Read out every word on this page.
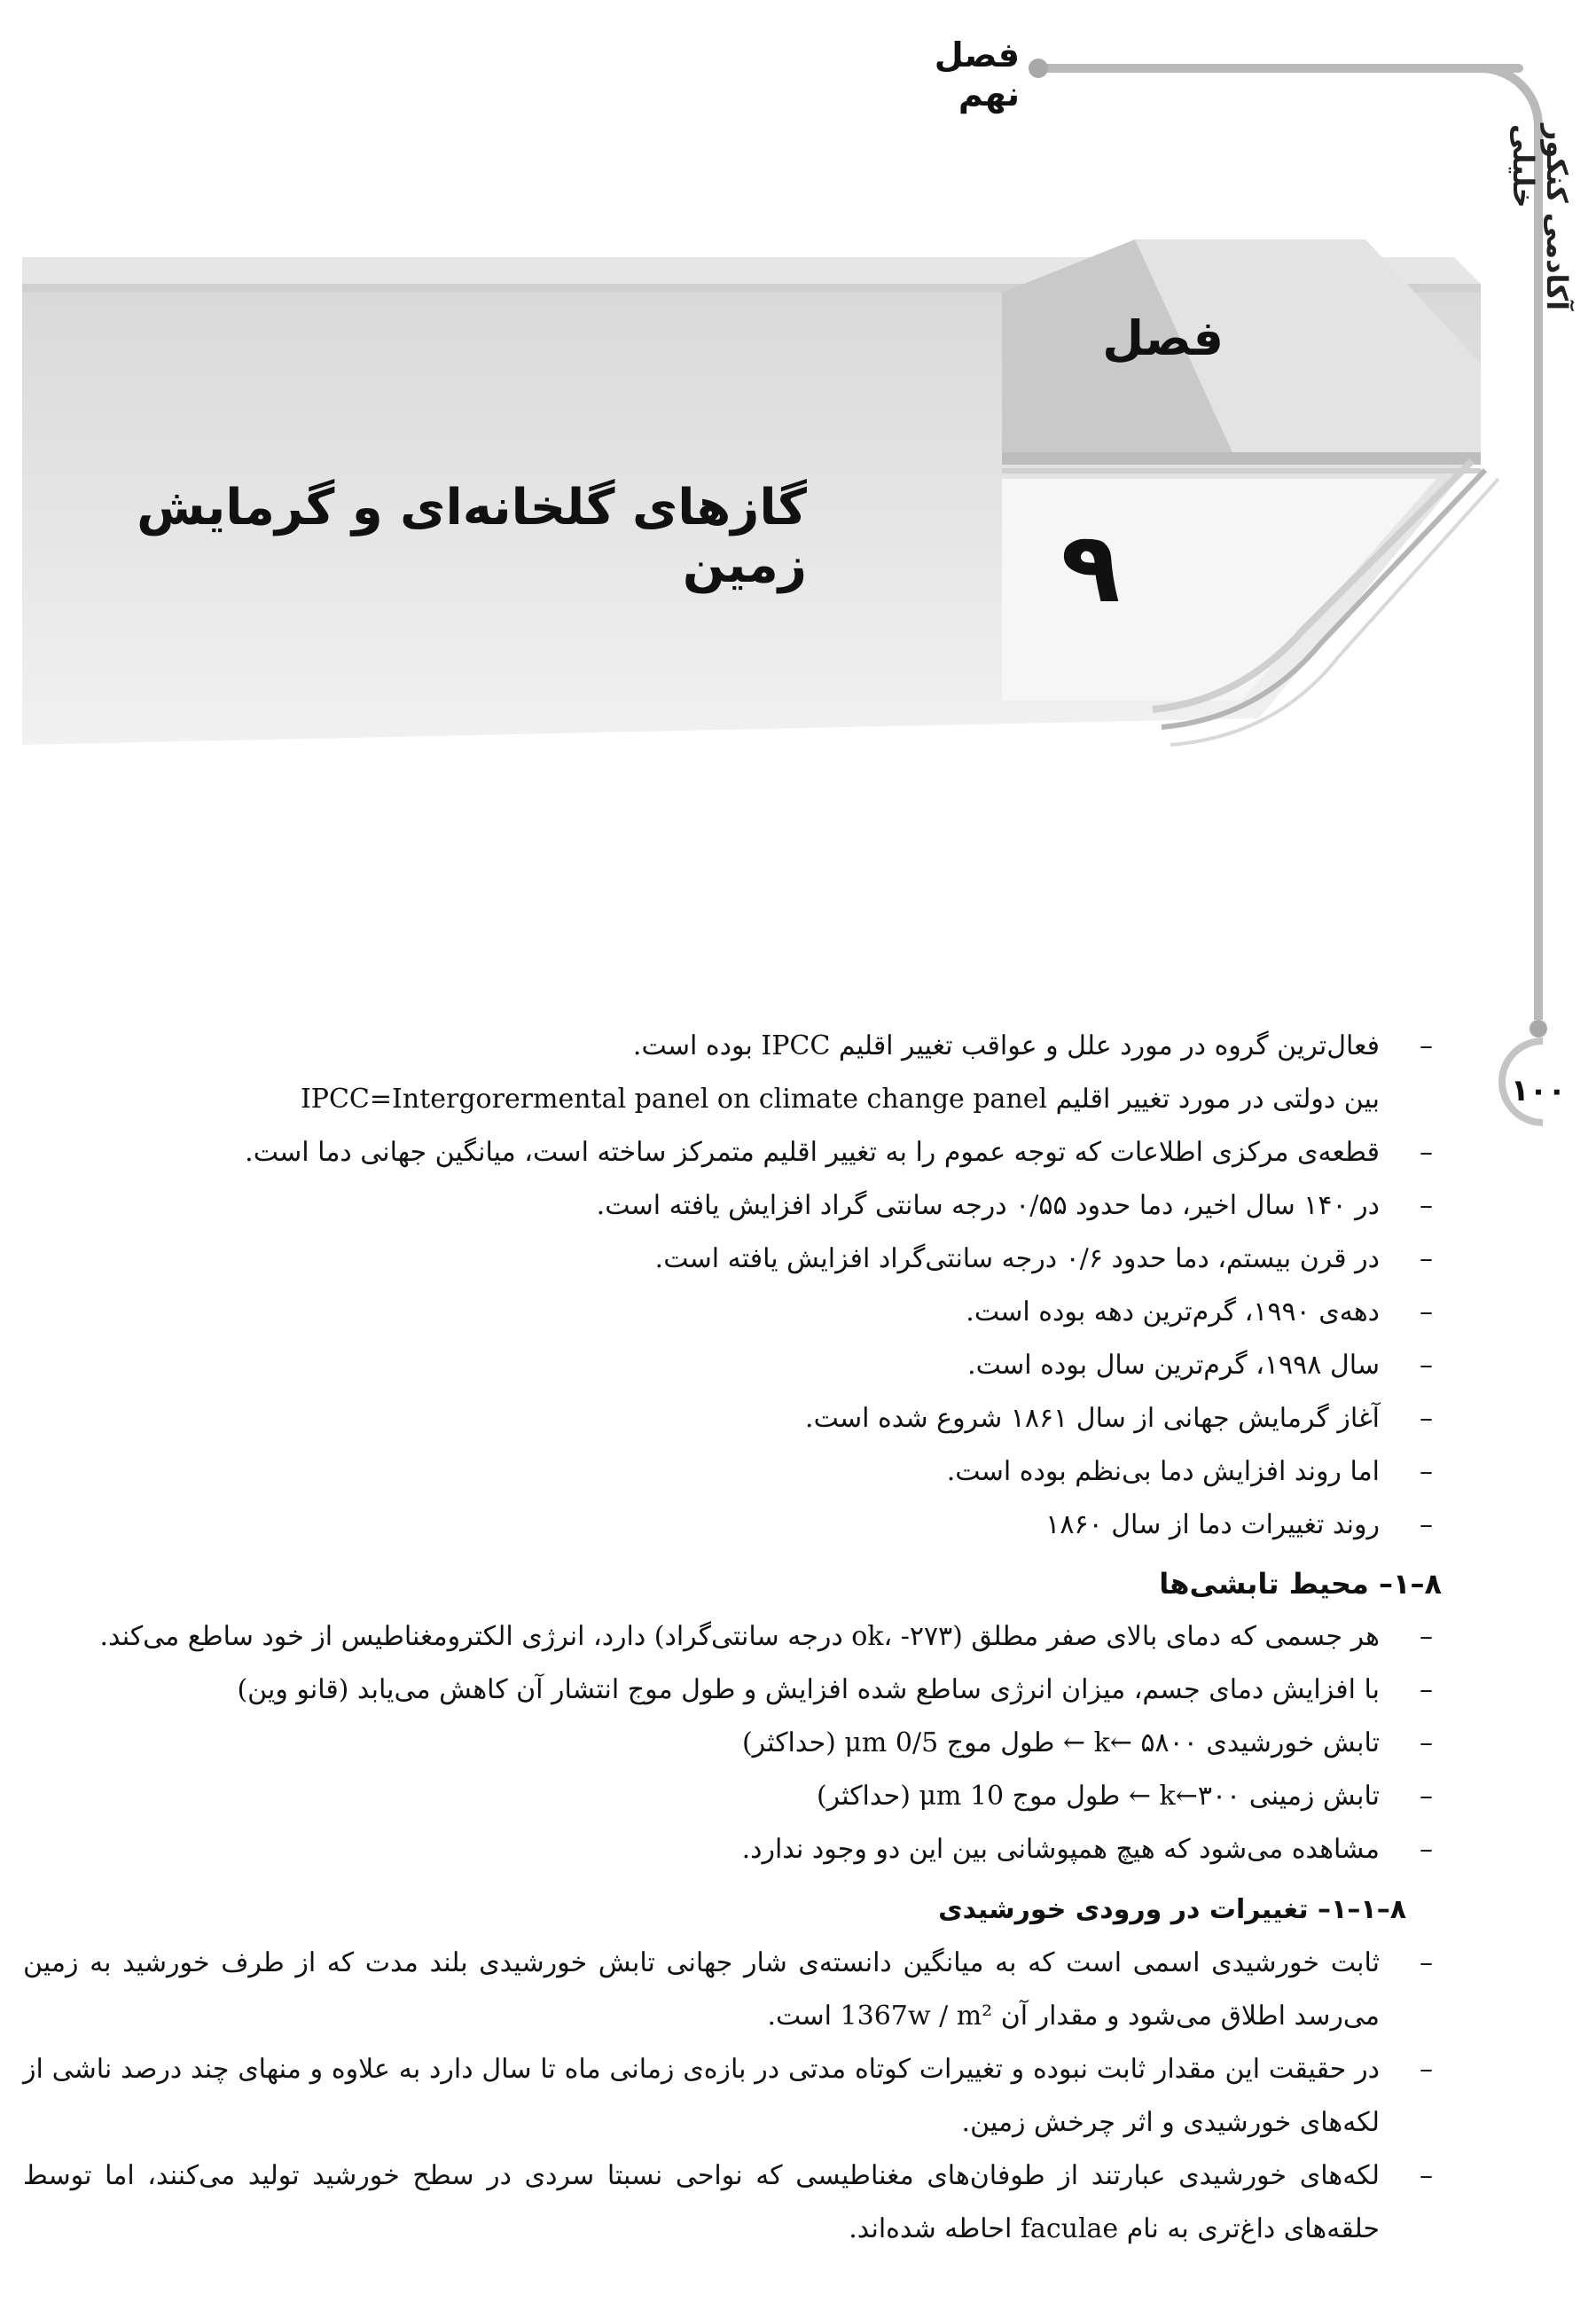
فصل نهم
آکادمی کنکور خلیلی
۱۰۰
فصل
۹
گازهای گلخانه‌ای و گرمایش زمین
–
فعال‌ترین گروه در مورد علل و عواقب تغییر اقلیم IPCC بوده است.
IPCC=Intergorermental panel on climate change panel بین دولتی در مورد تغییر اقلیم
–
قطعه‌ی مرکزی اطلاعات که توجه عموم را به تغییر اقلیم متمرکز ساخته است، میانگین جهانی دما است.
–
در ۱۴۰ سال اخیر، دما حدود ۰/۵۵ درجه سانتی گراد افزایش یافته است.
–
در قرن بیستم، دما حدود ۰/۶ درجه سانتی‌گراد افزایش یافته است.
–
دهه‌ی ۱۹۹۰، گرم‌ترین دهه بوده است.
–
سال ۱۹۹۸، گرم‌ترین سال بوده است.
–
آغاز گرمایش جهانی از سال ۱۸۶۱ شروع شده است.
–
اما روند افزایش دما بی‌نظم بوده است.
–
روند تغییرات دما از سال ۱۸۶۰
۸–۱– محیط تابشی‌ها
–
هر جسمی که دمای بالای صفر مطلق (ok، -۲۷۳ درجه سانتی‌گراد) دارد، انرژی الکترومغناطیس از خود ساطع می‌کند.
–
با افزایش دمای جسم، میزان انرژی ساطع شده افزایش و طول موج انتشار آن کاهش می‌یابد (قانو وین)
–
تابش خورشیدی k← ۵۸۰۰ ← طول موج 0/5 μm (حداکثر)
–
تابش زمینی k←۳۰۰ ← طول موج 10 μm (حداکثر)
–
مشاهده می‌شود که هیچ همپوشانی بین این دو وجود ندارد.
۸–۱–۱– تغییرات در ورودی خورشیدی
–
ثابت خورشیدی اسمی است که به میانگین دانسته‌ی شار جهانی تابش خورشیدی بلند مدت که از طرف خورشید به زمین می‌رسد اطلاق می‌شود و مقدار آن 1367w / m² است.
–
در حقیقت این مقدار ثابت نبوده و تغییرات کوتاه مدتی در بازه‌ی زمانی ماه تا سال دارد به علاوه و منهای چند درصد ناشی از لکه‌های خورشیدی و اثر چرخش زمین.
–
لکه‌های خورشیدی عبارتند از طوفان‌های مغناطیسی که نواحی نسبتا سردی در سطح خورشید تولید می‌کنند، اما توسط حلقه‌های داغ‌تری به نام faculae احاطه شده‌اند.
